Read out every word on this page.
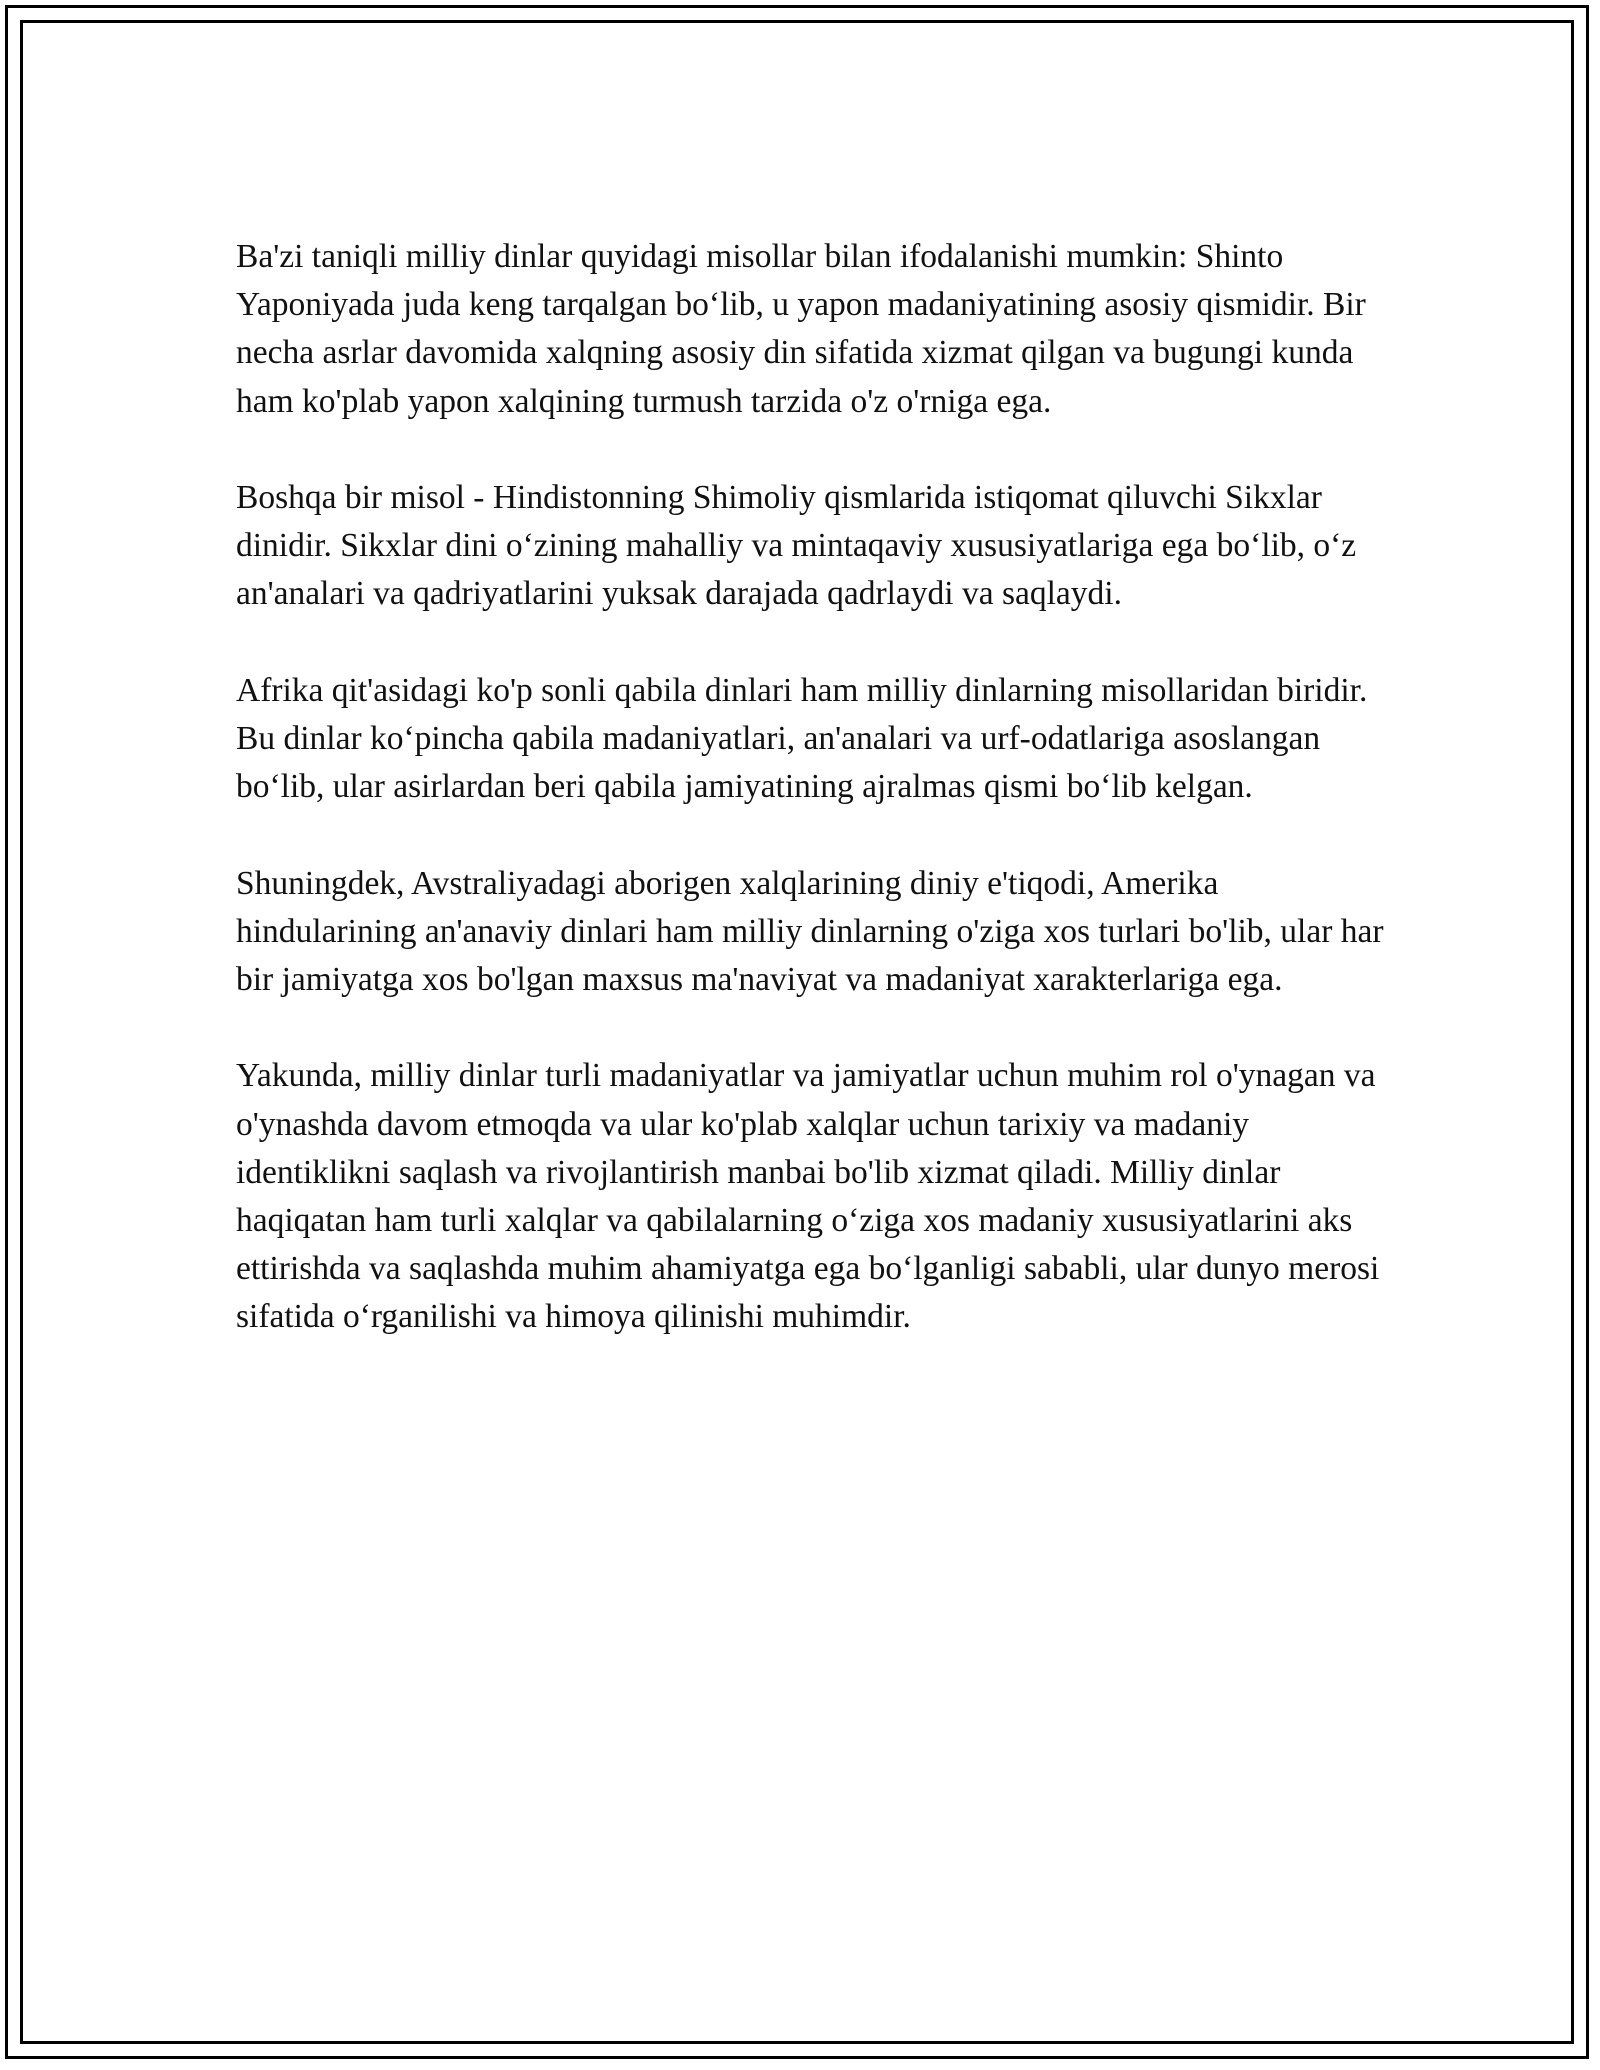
Ba'zi taniqli milliy dinlar quyidagi misollar bilan ifodalanishi mumkin: Shinto Yaponiyada juda keng tarqalgan bo‘lib, u yapon madaniyatining asosiy qismidir. Bir necha asrlar davomida xalqning asosiy din sifatida xizmat qilgan va bugungi kunda ham ko'plab yapon xalqining turmush tarzida o'z o'rniga ega.

Boshqa bir misol - Hindistonning Shimoliy qismlarida istiqomat qiluvchi Sikxlar dinidir. Sikxlar dini o‘zining mahalliy va mintaqaviy xususiyatlariga ega bo‘lib, o‘z an'analari va qadriyatlarini yuksak darajada qadrlaydi va saqlaydi.

Afrika qit'asidagi ko'p sonli qabila dinlari ham milliy dinlarning misollaridan biridir. Bu dinlar ko‘pincha qabila madaniyatlari, an'analari va urf-odatlariga asoslangan bo‘lib, ular asirlardan beri qabila jamiyatining ajralmas qismi bo‘lib kelgan.

Shuningdek, Avstraliyadagi aborigen xalqlarining diniy e'tiqodi, Amerika hindularining an'anaviy dinlari ham milliy dinlarning o'ziga xos turlari bo'lib, ular har bir jamiyatga xos bo'lgan maxsus ma'naviyat va madaniyat xarakterlariga ega.

Yakunda, milliy dinlar turli madaniyatlar va jamiyatlar uchun muhim rol o'ynagan va o'ynashda davom etmoqda va ular ko'plab xalqlar uchun tarixiy va madaniy identiklikni saqlash va rivojlantirish manbai bo'lib xizmat qiladi. Milliy dinlar haqiqatan ham turli xalqlar va qabilalarning o‘ziga xos madaniy xususiyatlarini aks ettirishda va saqlashda muhim ahamiyatga ega bo‘lganligi sababli, ular dunyo merosi sifatida o‘rganilishi va himoya qilinishi muhimdir.
